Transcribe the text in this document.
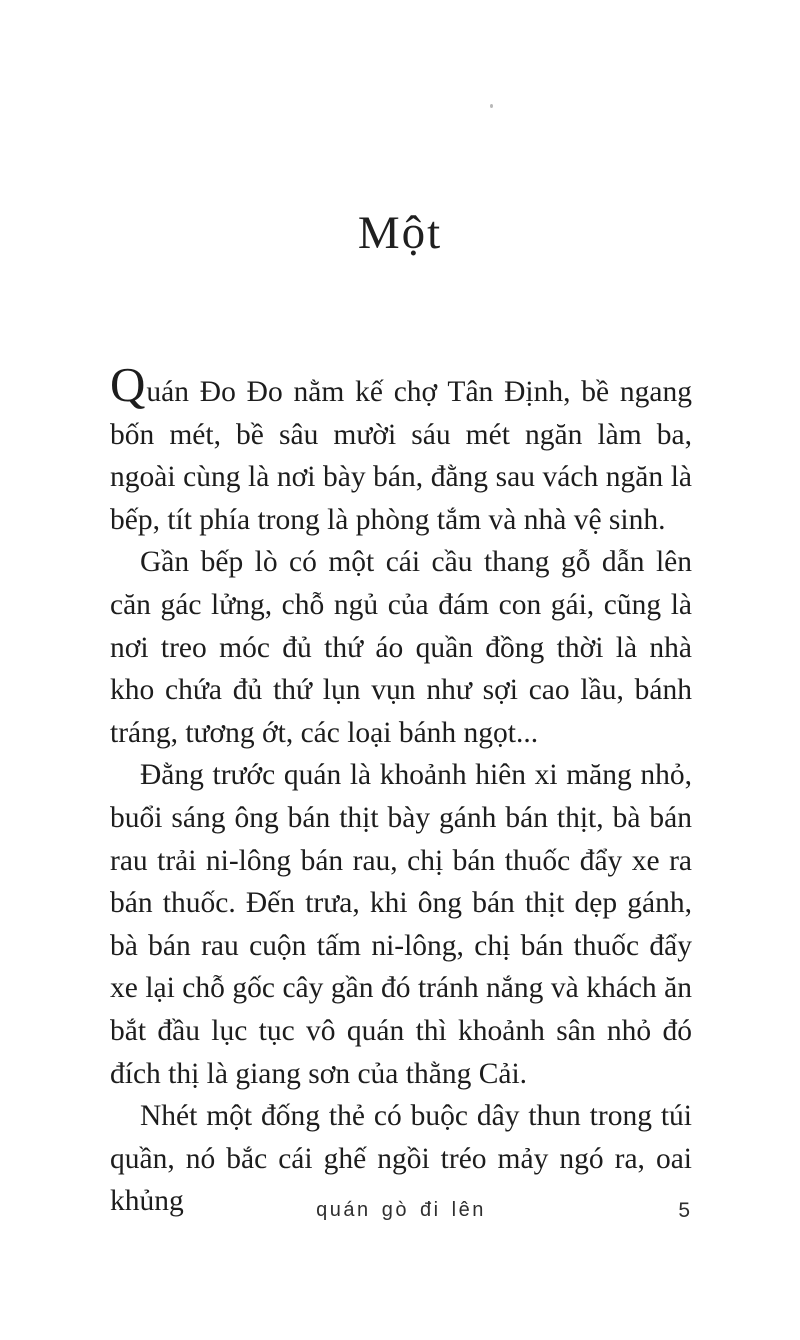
Một

Quán Đo Đo nằm kế chợ Tân Định, bề ngang bốn mét, bề sâu mười sáu mét ngăn làm ba, ngoài cùng là nơi bày bán, đằng sau vách ngăn là bếp, tít phía trong là phòng tắm và nhà vệ sinh.

Gần bếp lò có một cái cầu thang gỗ dẫn lên căn gác lửng, chỗ ngủ của đám con gái, cũng là nơi treo móc đủ thứ áo quần đồng thời là nhà kho chứa đủ thứ lụn vụn như sợi cao lầu, bánh tráng, tương ớt, các loại bánh ngọt...

Đằng trước quán là khoảnh hiên xi măng nhỏ, buổi sáng ông bán thịt bày gánh bán thịt, bà bán rau trải ni-lông bán rau, chị bán thuốc đẩy xe ra bán thuốc. Đến trưa, khi ông bán thịt dẹp gánh, bà bán rau cuộn tấm ni-lông, chị bán thuốc đẩy xe lại chỗ gốc cây gần đó tránh nắng và khách ăn bắt đầu lục tục vô quán thì khoảnh sân nhỏ đó đích thị là giang sơn của thằng Cải.

Nhét một đống thẻ có buộc dây thun trong túi quần, nó bắc cái ghế ngồi tréo mảy ngó ra, oai khủng	quán gò đi lên	5
